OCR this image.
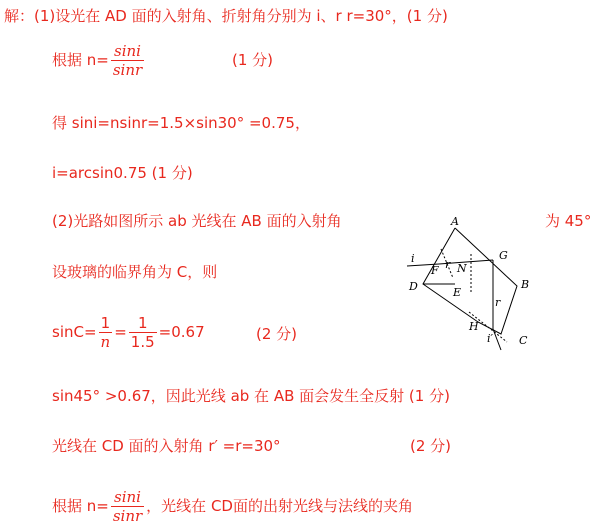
解：(1)设光在 AD 面的入射角、折射角分别为 i、r r=30°，(1 分)
根据 $n= \frac{\sin i}{\sin r}$	(1 分)
得 sini=nsinr=1.5×sin30° =0.75，
i=arcsin0.75 (1 分)
(2)光路如图所示 ab 光线在 AB 面的入射角	为 45°
设玻璃的临界角为 C，则
$\sin C= \frac{1}{n} = \frac{1}{1.5} =0.67$	(2 分)
sin45° >0.67，因此光线 ab 在 AB 面会发生全反射 (1 分)
光线在 CD 面的入射角 r′ =r=30°	(2 分)
根据 $n= \frac{\sin i}{\sin r}$ ，光线在 CD面的出射光线与法线的夹角
A
G
B
C
D
H
F N
E
i	r
r
i′
